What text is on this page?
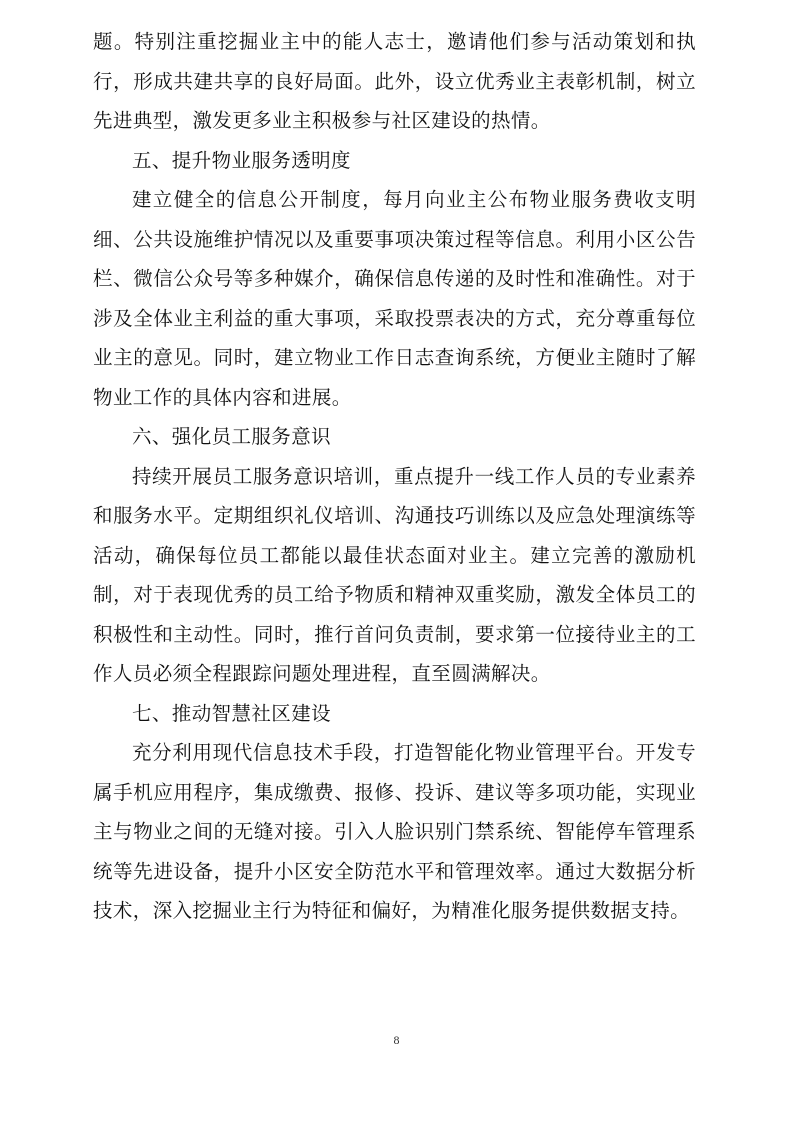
题。特别注重挖掘业主中的能人志士，邀请他们参与活动策划和执行，形成共建共享的良好局面。此外，设立优秀业主表彰机制，树立先进典型，激发更多业主积极参与社区建设的热情。

五、提升物业服务透明度

建立健全的信息公开制度，每月向业主公布物业服务费收支明细、公共设施维护情况以及重要事项决策过程等信息。利用小区公告栏、微信公众号等多种媒介，确保信息传递的及时性和准确性。对于涉及全体业主利益的重大事项，采取投票表决的方式，充分尊重每位业主的意见。同时，建立物业工作日志查询系统，方便业主随时了解物业工作的具体内容和进展。

六、强化员工服务意识

持续开展员工服务意识培训，重点提升一线工作人员的专业素养和服务水平。定期组织礼仪培训、沟通技巧训练以及应急处理演练等活动，确保每位员工都能以最佳状态面对业主。建立完善的激励机制，对于表现优秀的员工给予物质和精神双重奖励，激发全体员工的积极性和主动性。同时，推行首问负责制，要求第一位接待业主的工作人员必须全程跟踪问题处理进程，直至圆满解决。

七、推动智慧社区建设

充分利用现代信息技术手段，打造智能化物业管理平台。开发专属手机应用程序，集成缴费、报修、投诉、建议等多项功能，实现业主与物业之间的无缝对接。引入人脸识别门禁系统、智能停车管理系统等先进设备，提升小区安全防范水平和管理效率。通过大数据分析技术，深入挖掘业主行为特征和偏好，为精准化服务提供数据支持。

8
